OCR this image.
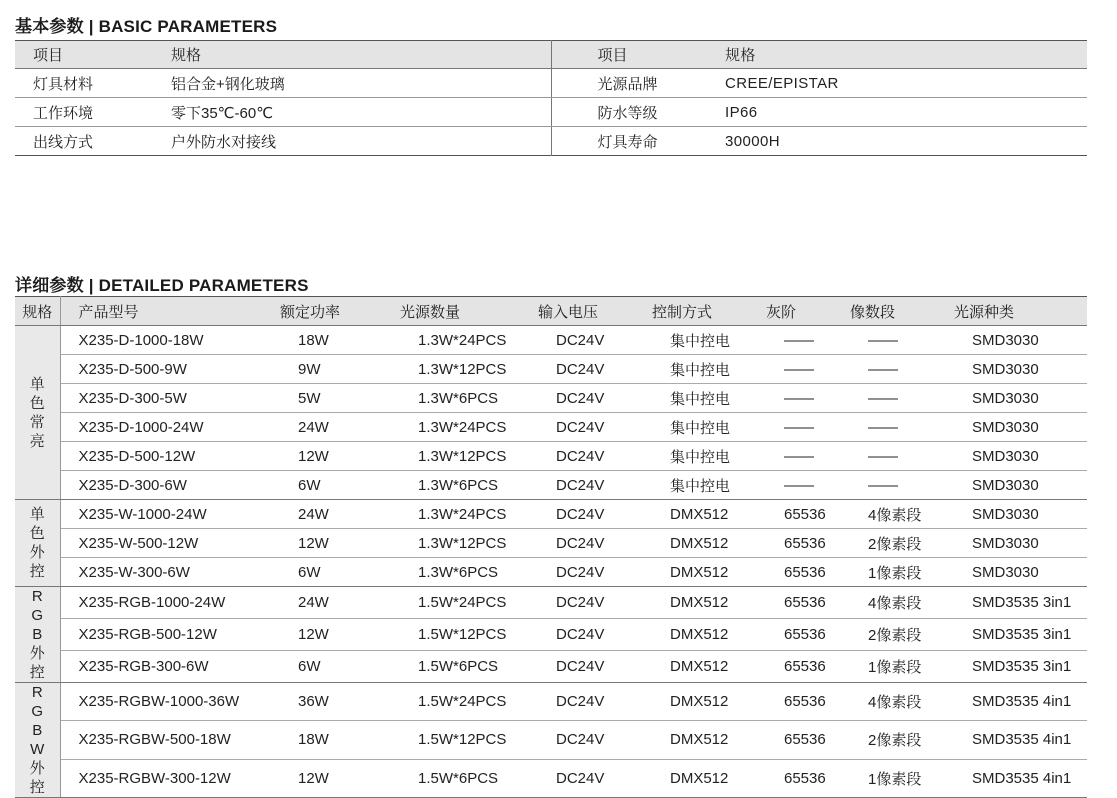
基本参数 | BASIC PARAMETERS
项目	规格	项目	规格
灯具材料	铝合金+钢化玻璃	光源品牌	CREE/EPISTAR
工作环境	零下35℃-60℃	防水等级	IP66
出线方式	户外防水对接线	灯具寿命	30000H
详细参数 | DETAILED PARAMETERS
规格	产品型号	额定功率	光源数量	输入电压	控制方式	灰阶	像数段	光源种类
单色常亮	X235-D-1000-18W	18W	1.3W*24PCS	DC24V	集中控电	——	——	SMD3030
	X235-D-500-9W	9W	1.3W*12PCS	DC24V	集中控电	——	——	SMD3030
	X235-D-300-5W	5W	1.3W*6PCS	DC24V	集中控电	——	——	SMD3030
	X235-D-1000-24W	24W	1.3W*24PCS	DC24V	集中控电	——	——	SMD3030
	X235-D-500-12W	12W	1.3W*12PCS	DC24V	集中控电	——	——	SMD3030
	X235-D-300-6W	6W	1.3W*6PCS	DC24V	集中控电	——	——	SMD3030
单色外控	X235-W-1000-24W	24W	1.3W*24PCS	DC24V	DMX512	65536	4像素段	SMD3030
	X235-W-500-12W	12W	1.3W*12PCS	DC24V	DMX512	65536	2像素段	SMD3030
	X235-W-300-6W	6W	1.3W*6PCS	DC24V	DMX512	65536	1像素段	SMD3030
RGB外控	X235-RGB-1000-24W	24W	1.5W*24PCS	DC24V	DMX512	65536	4像素段	SMD3535 3in1
	X235-RGB-500-12W	12W	1.5W*12PCS	DC24V	DMX512	65536	2像素段	SMD3535 3in1
	X235-RGB-300-6W	6W	1.5W*6PCS	DC24V	DMX512	65536	1像素段	SMD3535 3in1
RGBW外控	X235-RGBW-1000-36W	36W	1.5W*24PCS	DC24V	DMX512	65536	4像素段	SMD3535 4in1
	X235-RGBW-500-18W	18W	1.5W*12PCS	DC24V	DMX512	65536	2像素段	SMD3535 4in1
	X235-RGBW-300-12W	12W	1.5W*6PCS	DC24V	DMX512	65536	1像素段	SMD3535 4in1
